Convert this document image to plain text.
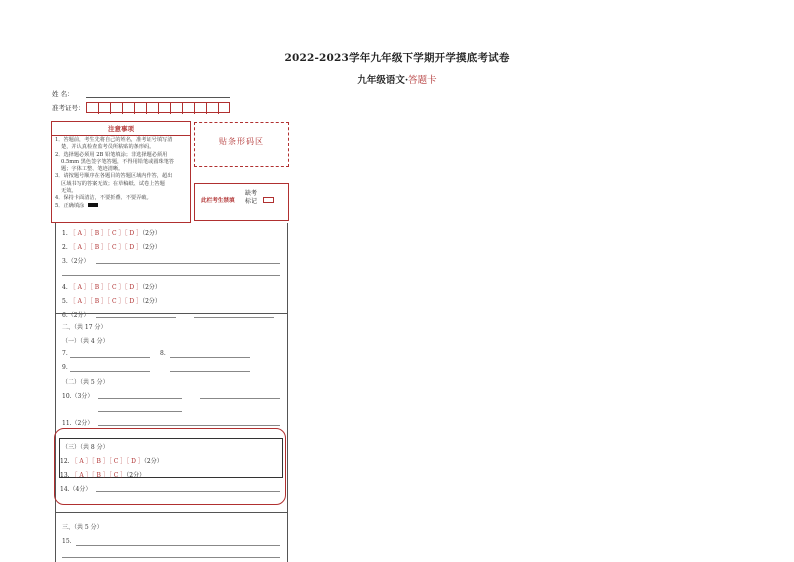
2022-2023学年九年级下学期开学摸底考试卷
九年级语文·答题卡
姓 名：
准考证号：
注意事项
1．答题前，考生先将自己的姓名，准考证号填写清
楚，并认真检查监考员所粘贴的条形码。
2．选择题必须用 2B 铅笔填涂；非选择题必须用
0.5mm 黑色签字笔答题，不得用铅笔或圆珠笔答
题；字体工整、笔迹清晰。
3．请按题号顺序在各题目的答题区域内作答，超出
区域书写的答案无效；在草稿纸、试卷上答题
无效。
4．保持卡面清洁，不要折叠、不要弄破。
5．正确填涂
贴条形码区
此栏考生禁填
缺考
标记
1. ［ A ］［ B ］［ C ］［ D ］（2分）
2. ［ A ］［ B ］［ C ］［ D ］（2分）
3.（2分）
4. ［ A ］［ B ］［ C ］［ D ］（2分）
5. ［ A ］［ B ］［ C ］［ D ］（2分）
6.（2分）
二、（共 17 分）
（一）（共 4 分）
7.	8.
9.
（二）（共 5 分）
10.（3分）
11.（2分）
（三）（共 8 分）
12. ［ A ］［ B ］［ C ］［ D ］（2分）
13. ［ A ］［ B ］［ C ］（2分）
14.（4分）
三、（共 5 分）
15.
